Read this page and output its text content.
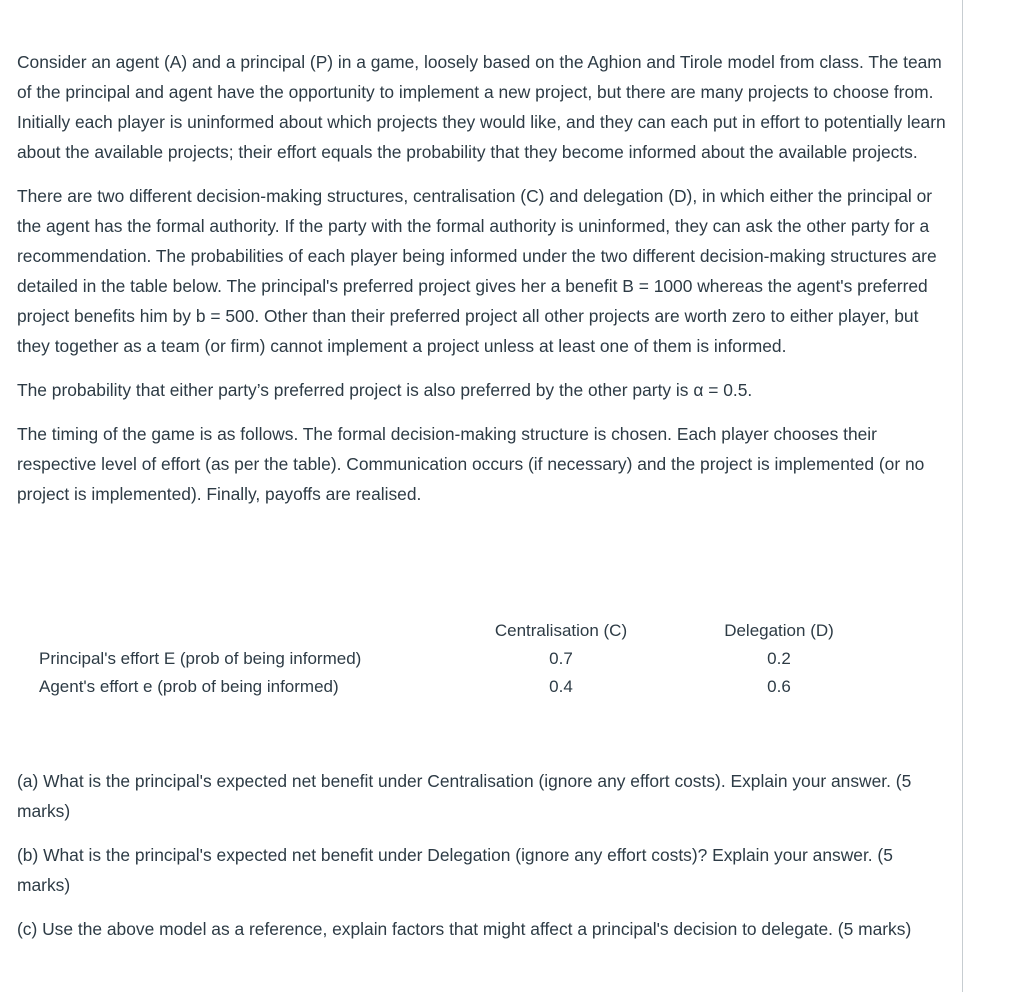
Consider an agent (A) and a principal (P) in a game, loosely based on the Aghion and Tirole model from class. The team of the principal and agent have the opportunity to implement a new project, but there are many projects to choose from. Initially each player is uninformed about which projects they would like, and they can each put in effort to potentially learn about the available projects; their effort equals the probability that they become informed about the available projects.

There are two different decision-making structures, centralisation (C) and delegation (D), in which either the principal or the agent has the formal authority. If the party with the formal authority is uninformed, they can ask the other party for a recommendation. The probabilities of each player being informed under the two different decision-making structures are detailed in the table below. The principal's preferred project gives her a benefit B = 1000 whereas the agent's preferred project benefits him by b = 500. Other than their preferred project all other projects are worth zero to either player, but they together as a team (or firm) cannot implement a project unless at least one of them is informed.

The probability that either party’s preferred project is also preferred by the other party is α = 0.5.

The timing of the game is as follows. The formal decision-making structure is chosen. Each player chooses their respective level of effort (as per the table). Communication occurs (if necessary) and the project is implemented (or no project is implemented). Finally, payoffs are realised.

	Centralisation (C)	Delegation (D)
Principal's effort E (prob of being informed)	0.7	0.2
Agent's effort e (prob of being informed)	0.4	0.6

(a) What is the principal's expected net benefit under Centralisation (ignore any effort costs). Explain your answer. (5 marks)

(b) What is the principal's expected net benefit under Delegation (ignore any effort costs)? Explain your answer. (5 marks)

(c) Use the above model as a reference, explain factors that might affect a principal's decision to delegate. (5 marks)
